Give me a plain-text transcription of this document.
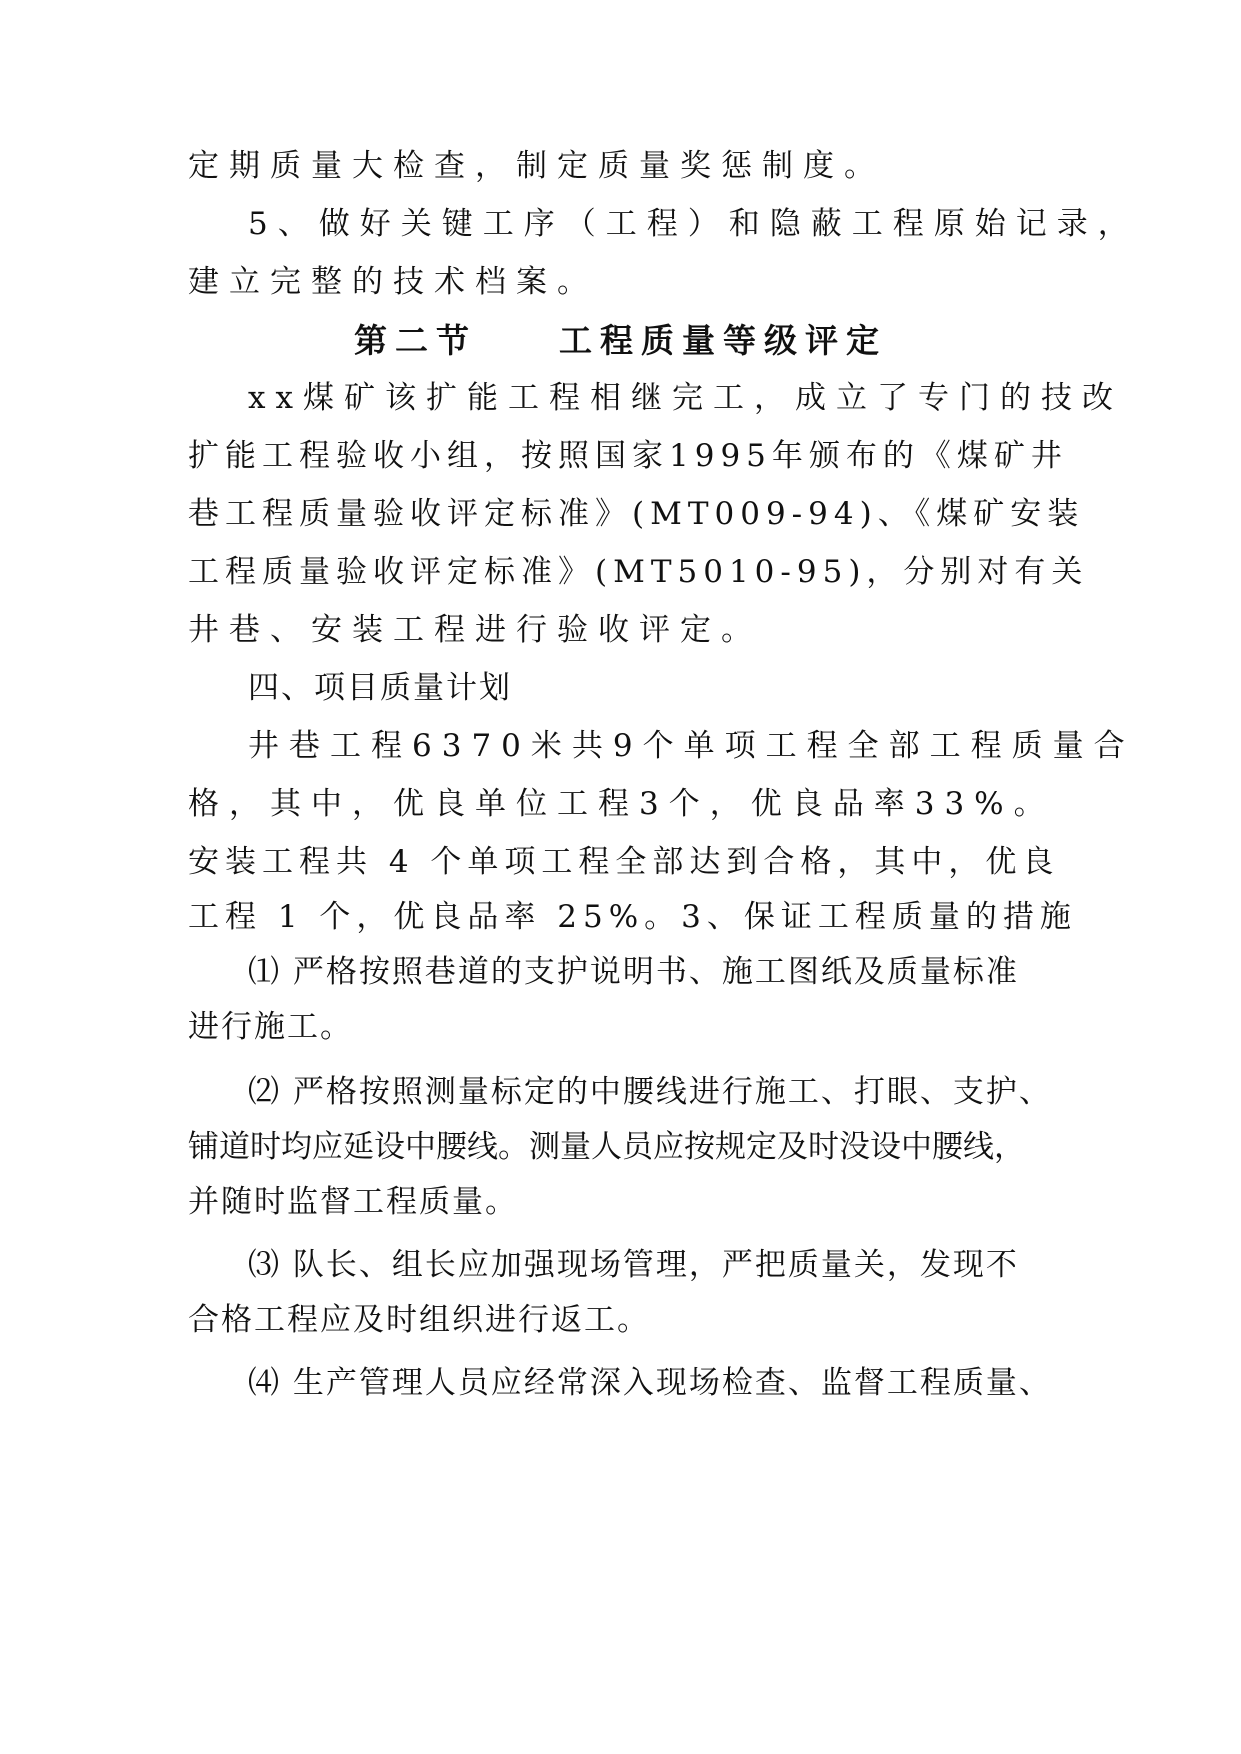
定期质量大检查，制定质量奖惩制度。
5、做好关键工序（工程）和隐蔽工程原始记录，
建立完整的技术档案。
第二节　　工程质量等级评定
xx煤矿该扩能工程相继完工，成立了专门的技改
扩能工程验收小组，按照国家1995年颁布的《煤矿井
巷工程质量验收评定标准》(MT009-94)、《煤矿安装
工程质量验收评定标准》(MT5010-95)，分别对有关
井巷、安装工程进行验收评定。
四、项目质量计划
井巷工程6370米共9个单项工程全部工程质量合
格，其中，优良单位工程3个，优良品率33%。
安装工程共 4 个单项工程全部达到合格，其中，优良
工程 1 个，优良品率 25%。3、保证工程质量的措施
⑴ 严格按照巷道的支护说明书、施工图纸及质量标准
进行施工。
⑵ 严格按照测量标定的中腰线进行施工、打眼、支护、
铺道时均应延设中腰线。测量人员应按规定及时没设中腰线，
并随时监督工程质量。
⑶ 队长、组长应加强现场管理，严把质量关，发现不
合格工程应及时组织进行返工。
⑷ 生产管理人员应经常深入现场检查、监督工程质量、
